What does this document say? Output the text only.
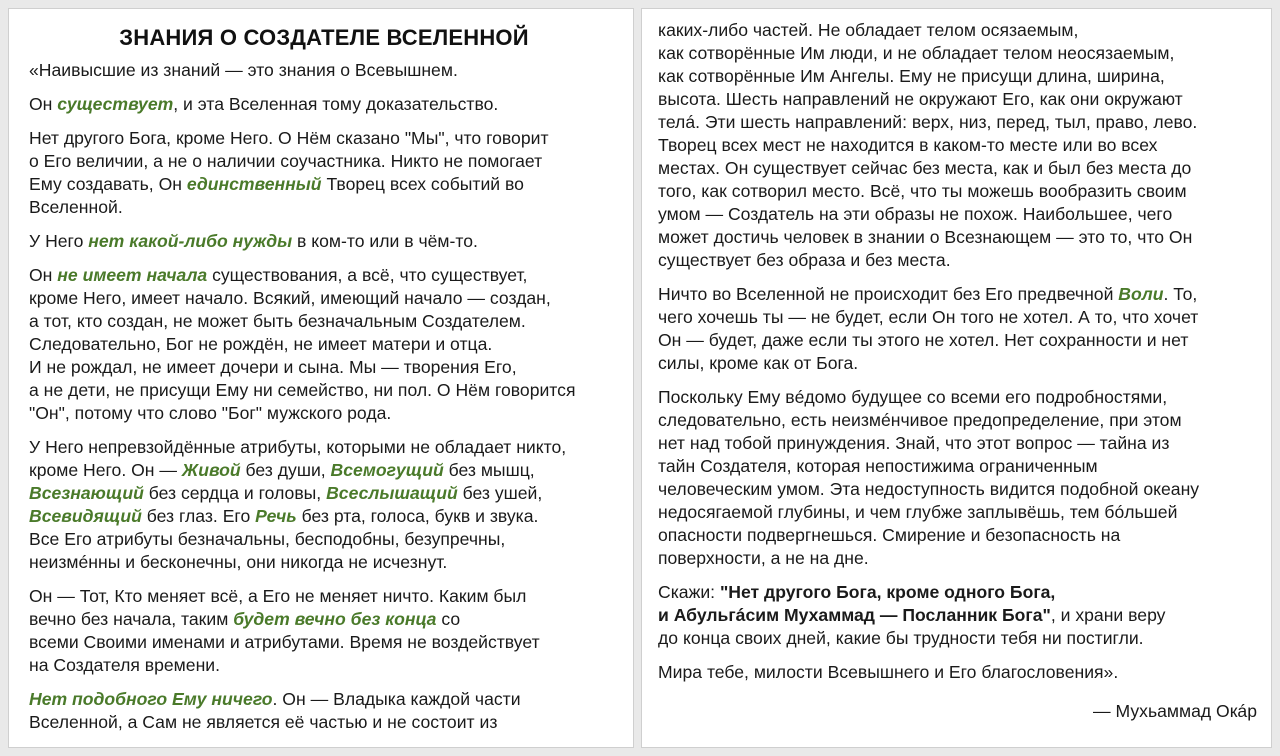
ЗНАНИЯ О СОЗДАТЕЛЕ ВСЕЛЕННОЙ

«Наивысшие из знаний — это знания о Всевышнем.

Он существует, и эта Вселенная тому доказательство.

Нет другого Бога, кроме Него. О Нём сказано "Мы", что говорит
о Его величии, а не о наличии соучастника. Никто не помогает
Ему создавать, Он единственный Творец всех событий во
Вселенной.

У Него нет какой-либо нужды в ком-то или в чём-то.

Он не имеет начала существования, а всё, что существует,
кроме Него, имеет начало. Всякий, имеющий начало — создан,
а тот, кто создан, не может быть безначальным Создателем.
Следовательно, Бог не рождён, не имеет матери и отца.
И не рождал, не имеет дочери и сына. Мы — творения Его,
а не дети, не присущи Ему ни семейство, ни пол. О Нём говорится
"Он", потому что слово "Бог" мужского рода.

У Него непревзойдённые атрибуты, которыми не обладает никто,
кроме Него. Он — Живой без души, Всемогущий без мышц,
Всезнающий без сердца и головы, Всеслышащий без ушей,
Всевидящий без глаз. Его Речь без рта, голоса, букв и звука.
Все Его атрибуты безначальны, бесподобны, безупречны,
неизмéнны и бесконечны, они никогда не исчезнут.

Он — Тот, Кто меняет всё, а Его не меняет ничто. Каким был
вечно без начала, таким будет вечно без конца со
всеми Своими именами и атрибутами. Время не воздействует
на Создателя времени.

Нет подобного Ему ничего. Он — Владыка каждой части
Вселенной, а Сам не является её частью и не состоит из

каких-либо частей. Не обладает телом осязаемым,
как сотворённые Им люди, и не обладает телом неосязаемым,
как сотворённые Им Ангелы. Ему не присущи длина, ширина,
высота. Шесть направлений не окружают Его, как они окружают
телá. Эти шесть направлений: верх, низ, перед, тыл, право, лево.
Творец всех мест не находится в каком-то месте или во всех
местах. Он существует сейчас без места, как и был без места до
того, как сотворил место. Всё, что ты можешь вообразить своим
умом — Создатель на эти образы не похож. Наибольшее, чего
может достичь человек в знании о Всезнающем — это то, что Он
существует без образа и без места.

Ничто во Вселенной не происходит без Его предвечной Воли. То,
чего хочешь ты — не будет, если Он того не хотел. А то, что хочет
Он — будет, даже если ты этого не хотел. Нет сохранности и нет
силы, кроме как от Бога.

Поскольку Ему вéдомо будущее со всеми его подробностями,
следовательно, есть неизмéнчивое предопределение, при этом
нет над тобой принуждения. Знай, что этот вопрос — тайна из
тайн Создателя, которая непостижима ограниченным
человеческим умом. Эта недоступность видится подобной океану
недосягаемой глубины, и чем глубже заплывёшь, тем бóльшей
опасности подвергнешься. Смирение и безопасность на
поверхности, а не на дне.

Скажи: "Нет другого Бога, кроме одного Бога,
и Абульгáсим Мухаммад — Посланник Бога", и храни веру
до конца своих дней, какие бы трудности тебя ни постигли.

Мира тебе, милости Всевышнего и Его благословения».

— Мухьаммад Окáр
